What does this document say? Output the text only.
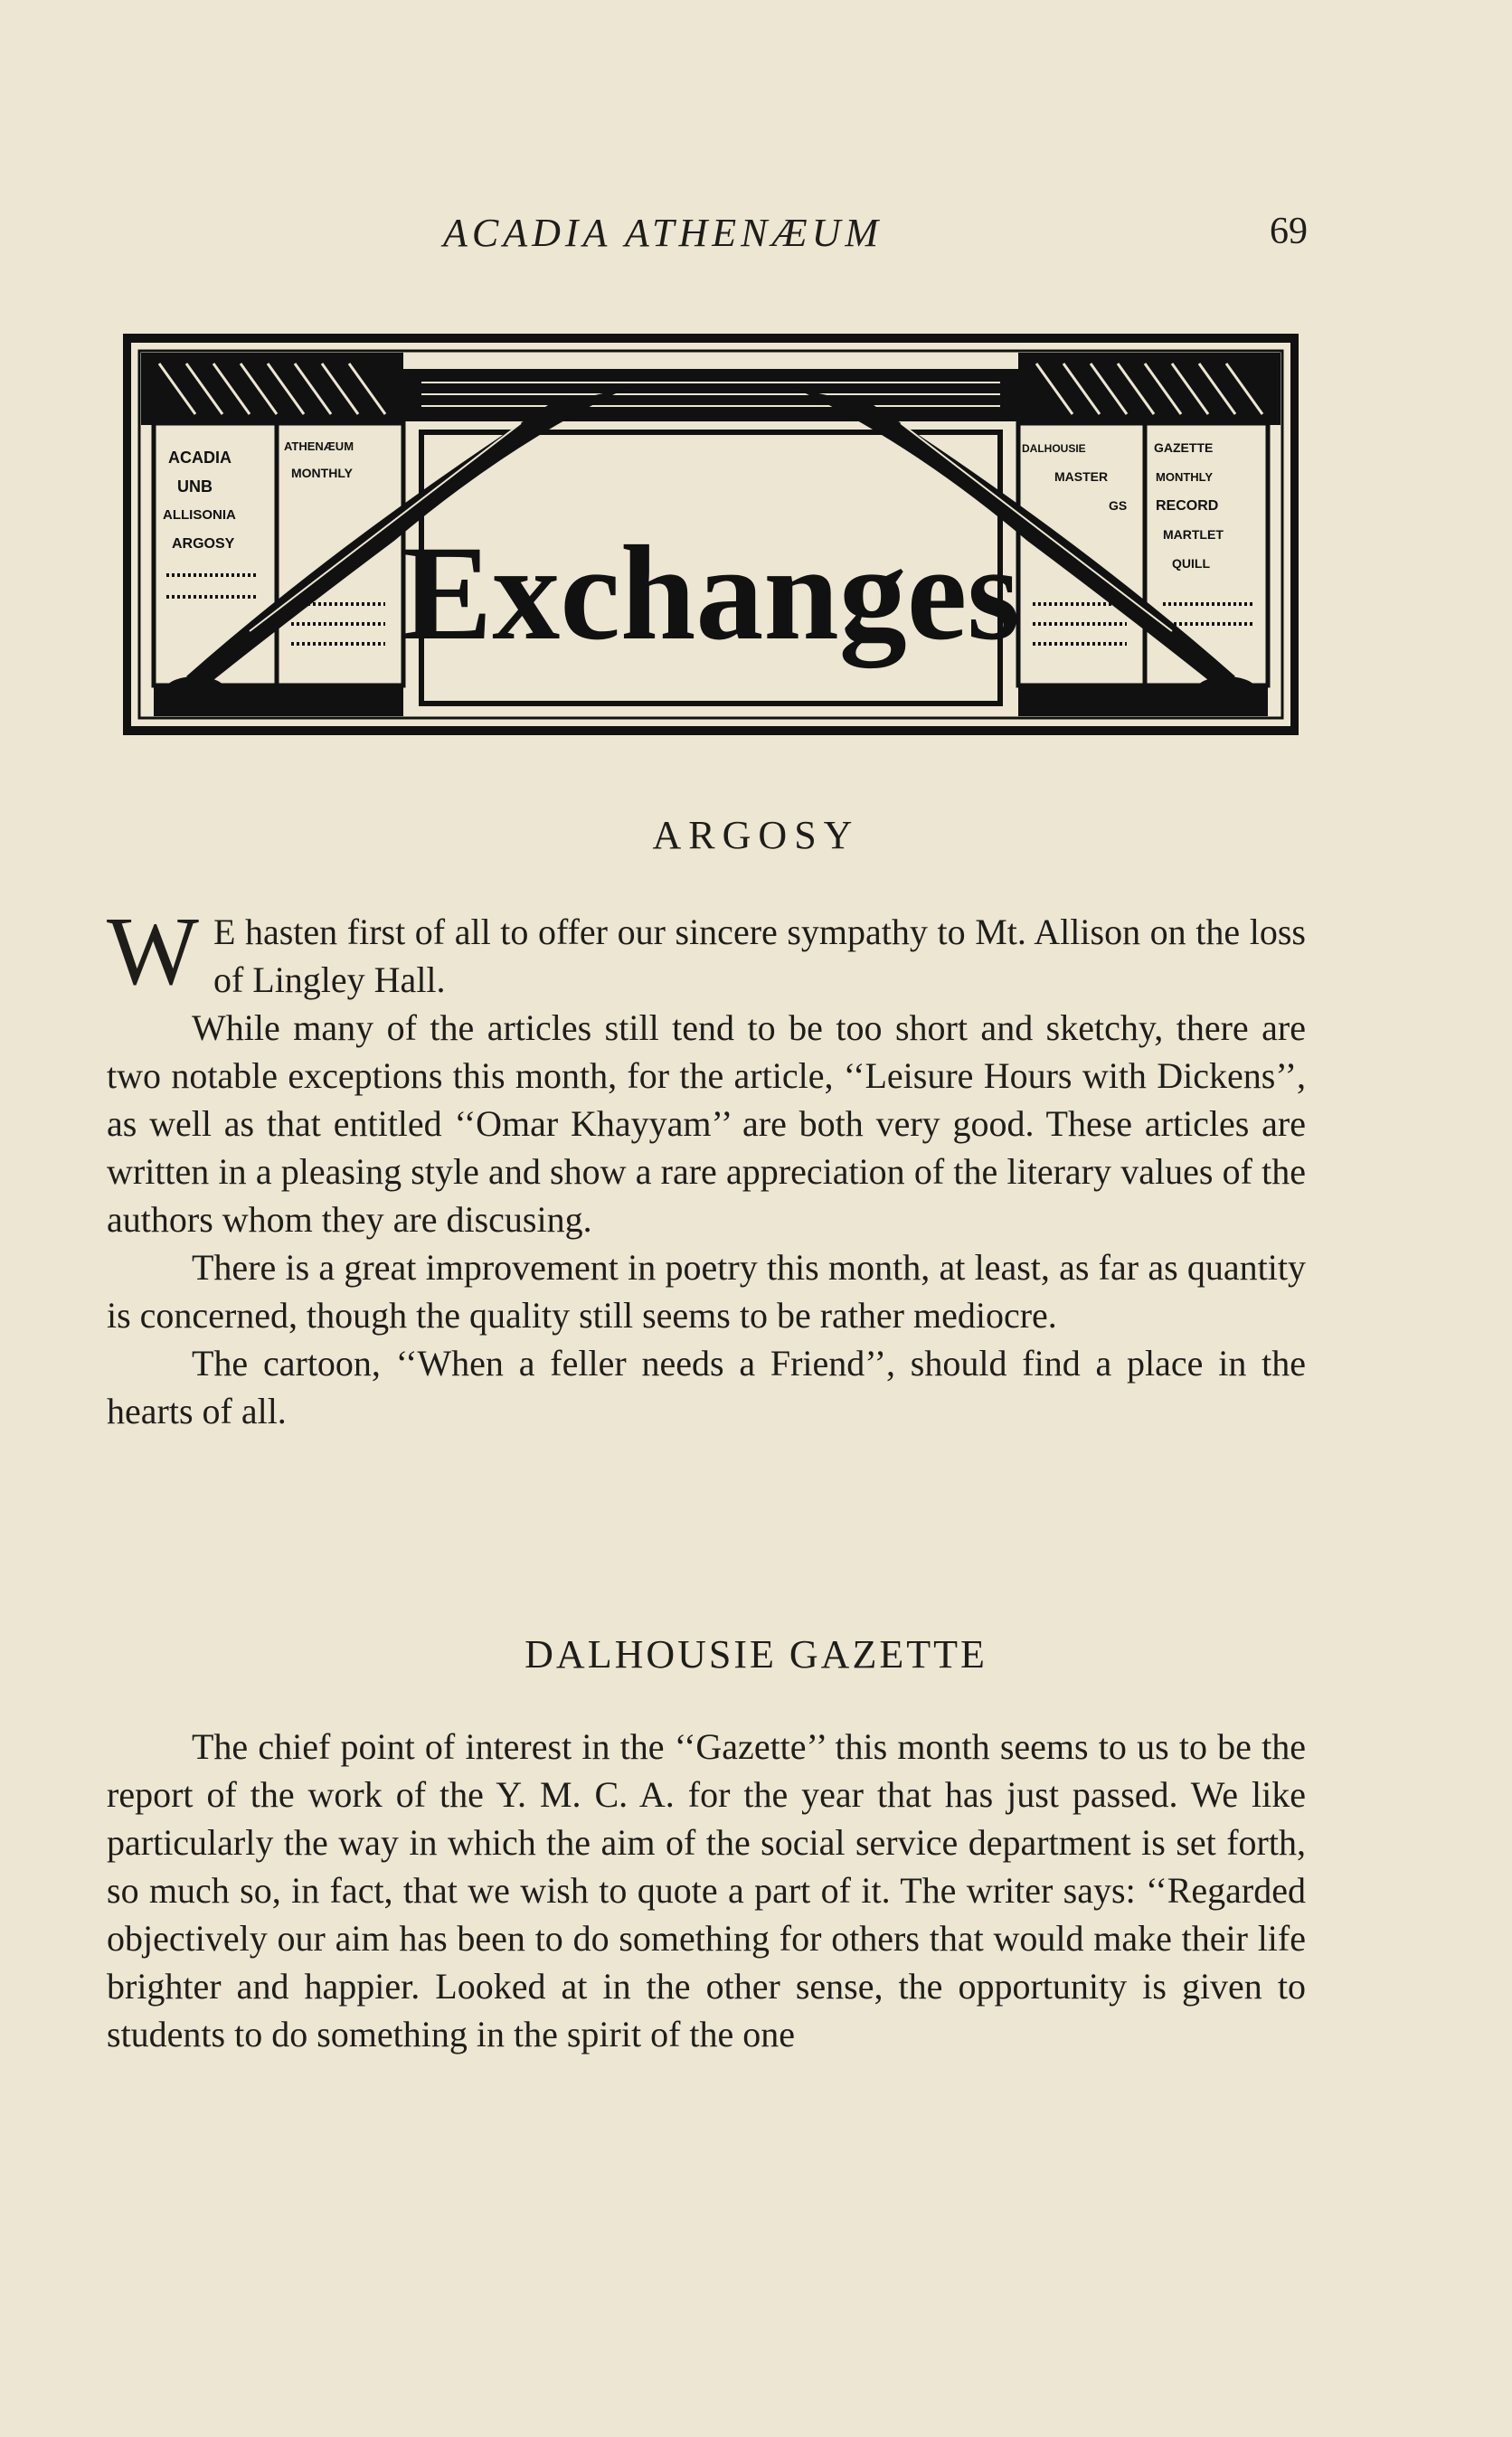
ACADIA ATHENÆUM	69
ACADIA
UNB
ALLISONIA
ARGOSY
ATHENÆUM
MONTHLY
DALHOUSIE
MASTER
GS
GAZETTE
MONTHLY
RECORD
MARTLET
QUILL
Exchanges
ARGOSY

W E hasten first of all to offer our sincere sympathy to Mt. Allison on the loss of Lingley Hall.

While many of the articles still tend to be too short and sketchy, there are two notable exceptions this month, for the article, ‘‘Leisure Hours with Dickens’’, as well as that entitled ‘‘Omar Khayyam’’ are both very good. These articles are written in a pleasing style and show a rare appreciation of the literary values of the authors whom they are discusing.

There is a great improvement in poetry this month, at least, as far as quantity is concerned, though the quality still seems to be rather mediocre.

The cartoon, ‘‘When a feller needs a Friend’’, should find a place in the hearts of all.

DALHOUSIE GAZETTE

The chief point of interest in the ‘‘Gazette’’ this month seems to us to be the report of the work of the Y. M. C. A. for the year that has just passed. We like particularly the way in which the aim of the social service department is set forth, so much so, in fact, that we wish to quote a part of it. The writer says: ‘‘Regarded objectively our aim has been to do something for others that would make their life brighter and happier. Looked at in the other sense, the opportunity is given to students to do something in the spirit of the one
